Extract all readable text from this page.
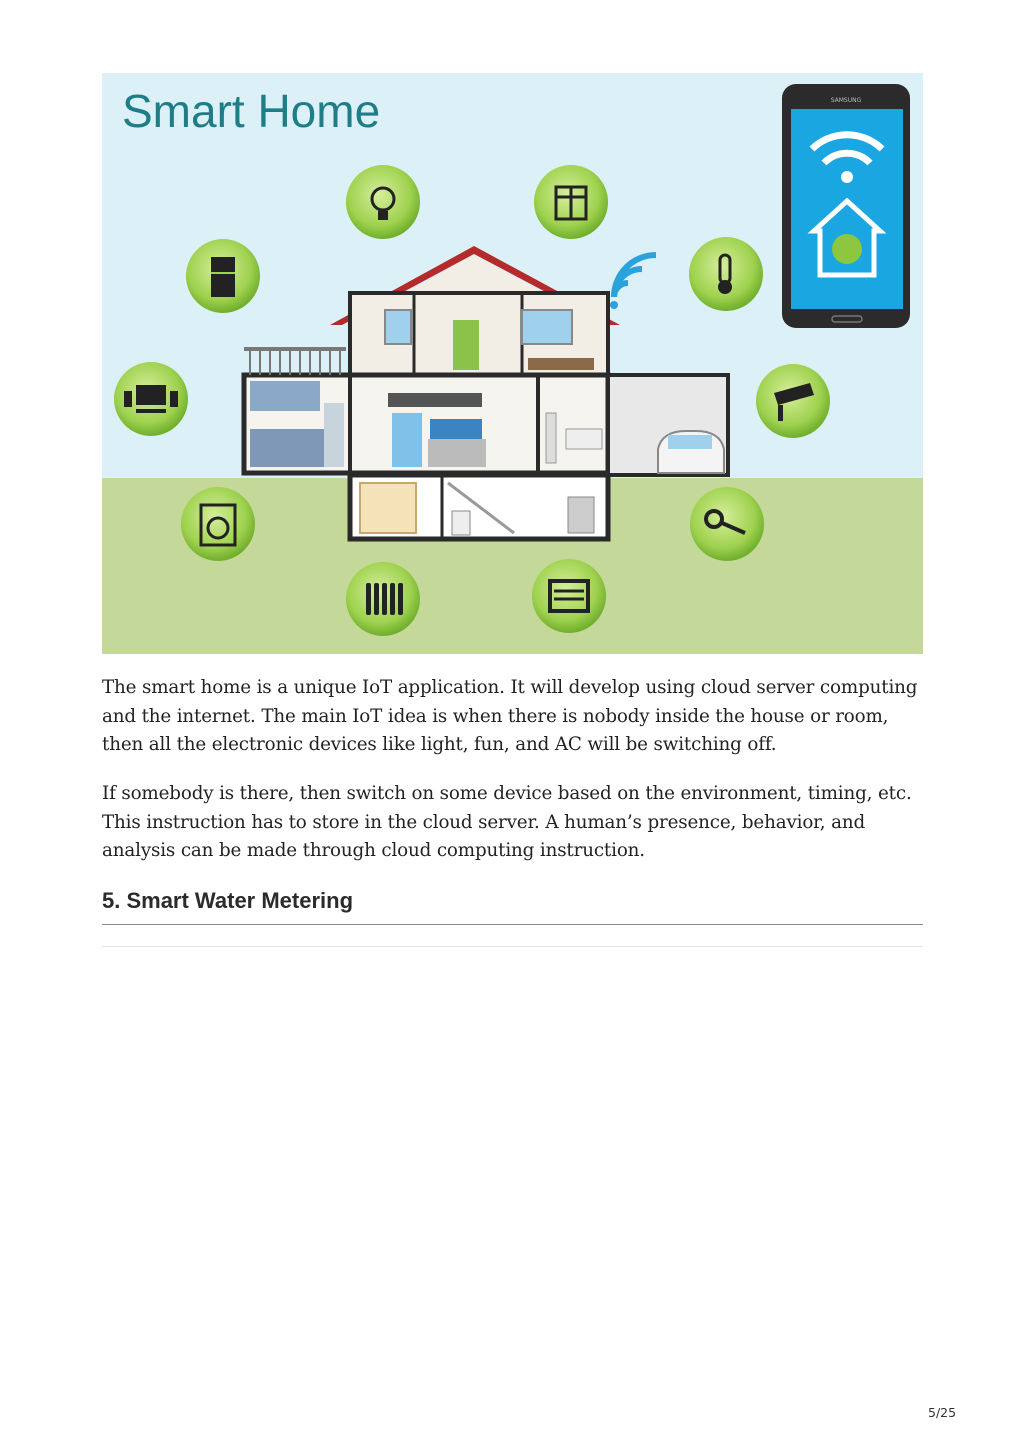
Smart Home	SAMSUNG
The smart home is a unique IoT application. It will develop using cloud server computing
and the internet. The main IoT idea is when there is nobody inside the house or room,
then all the electronic devices like light, fun, and AC will be switching off.
If somebody is there, then switch on some device based on the environment, timing, etc.
This instruction has to store in the cloud server. A human’s presence, behavior, and
analysis can be made through cloud computing instruction.
5. Smart Water Metering
5/25
